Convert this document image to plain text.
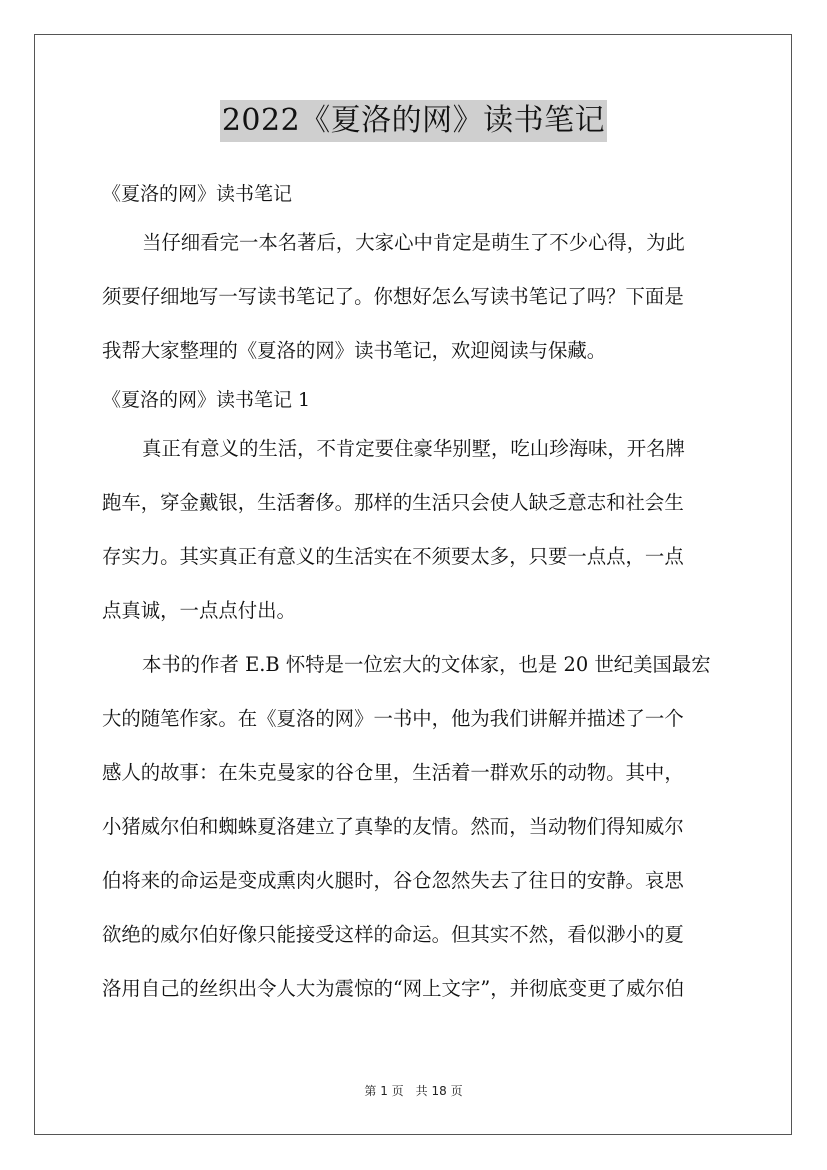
2022《夏洛的网》读书笔记

《夏洛的网》读书笔记

当仔细看完一本名著后，大家心中肯定是萌生了不少心得，为此
须要仔细地写一写读书笔记了。你想好怎么写读书笔记了吗？下面是
我帮大家整理的《夏洛的网》读书笔记，欢迎阅读与保藏。

《夏洛的网》读书笔记 1

真正有意义的生活，不肯定要住豪华别墅，吃山珍海味，开名牌
跑车，穿金戴银，生活奢侈。那样的生活只会使人缺乏意志和社会生
存实力。其实真正有意义的生活实在不须要太多，只要一点点，一点
点真诚，一点点付出。
本书的作者 E.B 怀特是一位宏大的文体家，也是 20 世纪美国最宏
大的随笔作家。在《夏洛的网》一书中，他为我们讲解并描述了一个
感人的故事：在朱克曼家的谷仓里，生活着一群欢乐的动物。其中，
小猪威尔伯和蜘蛛夏洛建立了真挚的友情。然而，当动物们得知威尔
伯将来的命运是变成熏肉火腿时，谷仓忽然失去了往日的安静。哀思
欲绝的威尔伯好像只能接受这样的命运。但其实不然，看似渺小的夏
洛用自己的丝织出令人大为震惊的“网上文字”，并彻底变更了威尔伯
第 1 页　共 18 页
